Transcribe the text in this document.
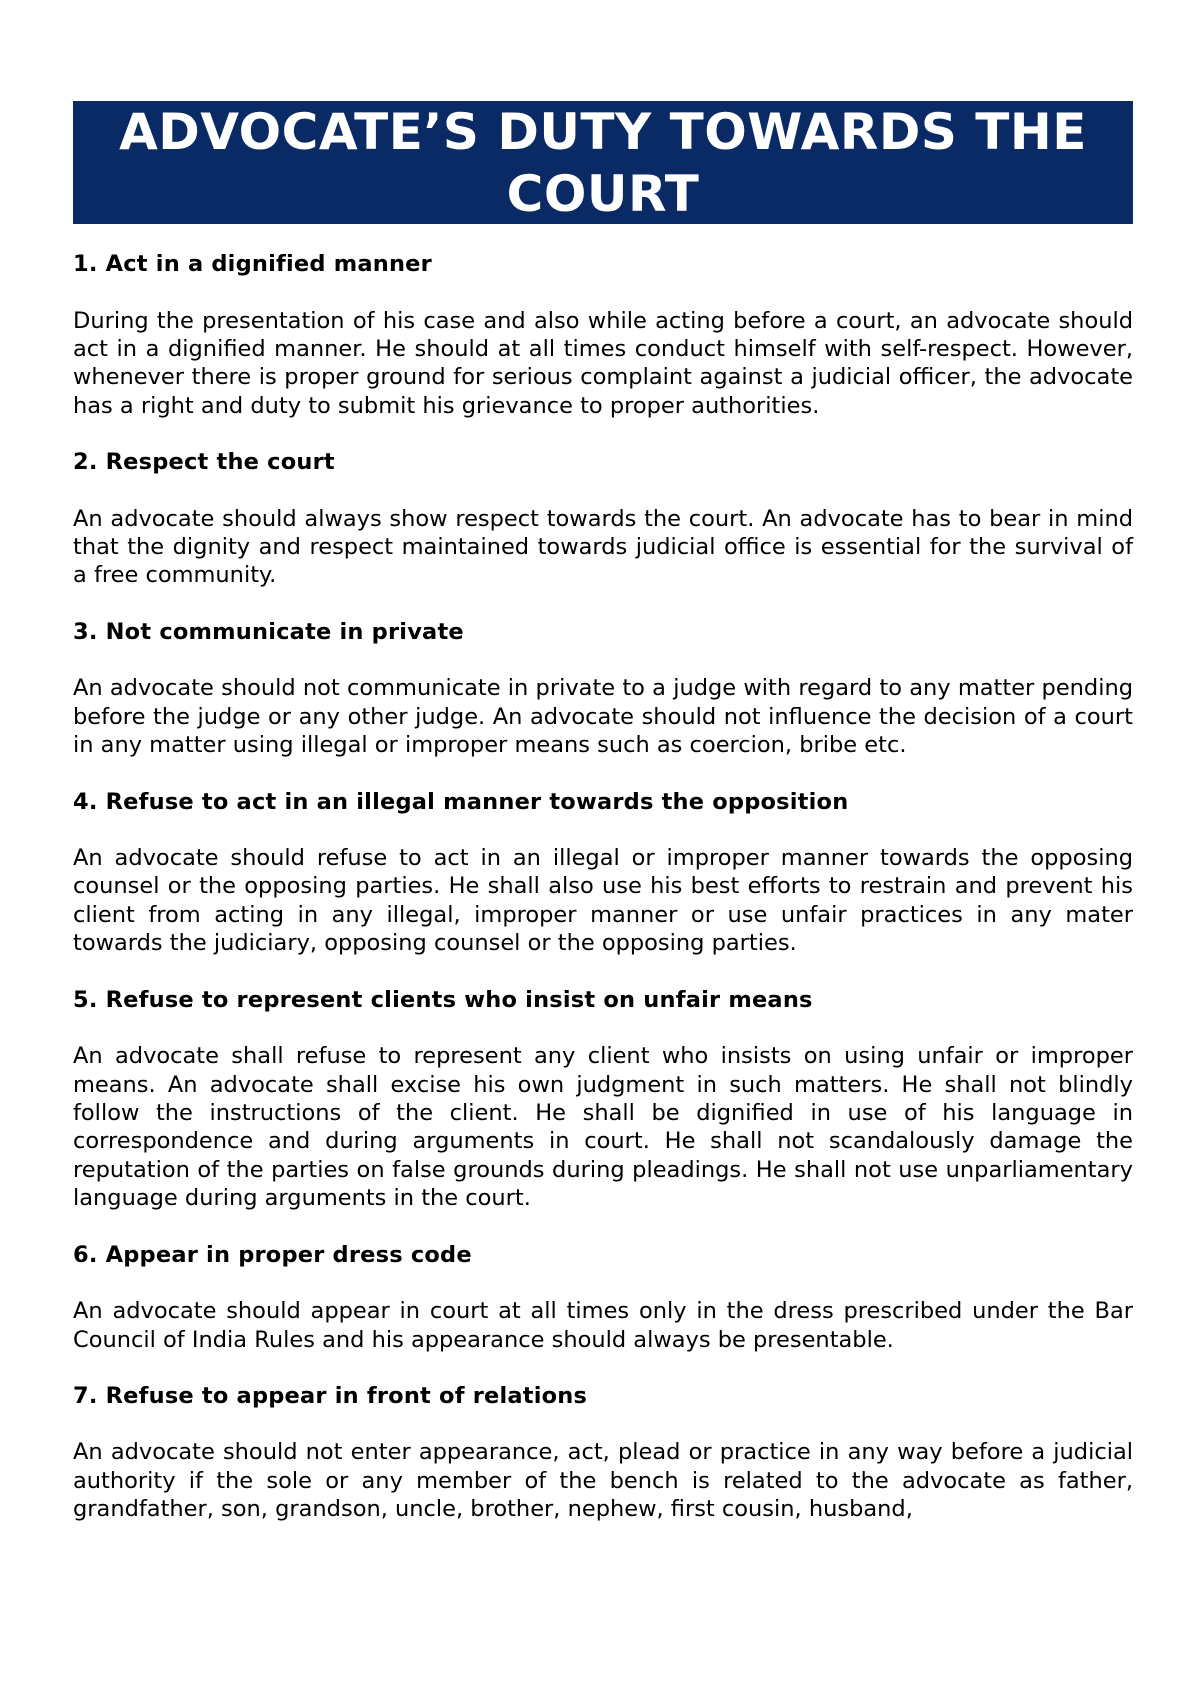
ADVOCATE’S DUTY TOWARDS THE COURT
1. Act in a dignified manner
During the presentation of his case and also while acting before a court, an advocate should act in a dignified manner. He should at all times conduct himself with self-respect. However, whenever there is proper ground for serious complaint against a judicial officer, the advocate has a right and duty to submit his grievance to proper authorities.
2. Respect the court
An advocate should always show respect towards the court. An advocate has to bear in mind that the dignity and respect maintained towards judicial office is essential for the survival of a free community.
3. Not communicate in private
An advocate should not communicate in private to a judge with regard to any matter pending before the judge or any other judge. An advocate should not influence the decision of a court in any matter using illegal or improper means such as coercion, bribe etc.
4. Refuse to act in an illegal manner towards the opposition
An advocate should refuse to act in an illegal or improper manner towards the opposing counsel or the opposing parties. He shall also use his best efforts to restrain and prevent his client from acting in any illegal, improper manner or use unfair practices in any mater towards the judiciary, opposing counsel or the opposing parties.
5. Refuse to represent clients who insist on unfair means
An advocate shall refuse to represent any client who insists on using unfair or improper means. An advocate shall excise his own judgment in such matters. He shall not blindly follow the instructions of the client. He shall be dignified in use of his language in correspondence and during arguments in court. He shall not scandalously damage the reputation of the parties on false grounds during pleadings. He shall not use unparliamentary language during arguments in the court.
6. Appear in proper dress code
An advocate should appear in court at all times only in the dress prescribed under the Bar Council of India Rules and his appearance should always be presentable.
7. Refuse to appear in front of relations
An advocate should not enter appearance, act, plead or practice in any way before a judicial authority if the sole or any member of the bench is related to the advocate as father, grandfather, son, grandson, uncle, brother, nephew, first cousin, husband,
